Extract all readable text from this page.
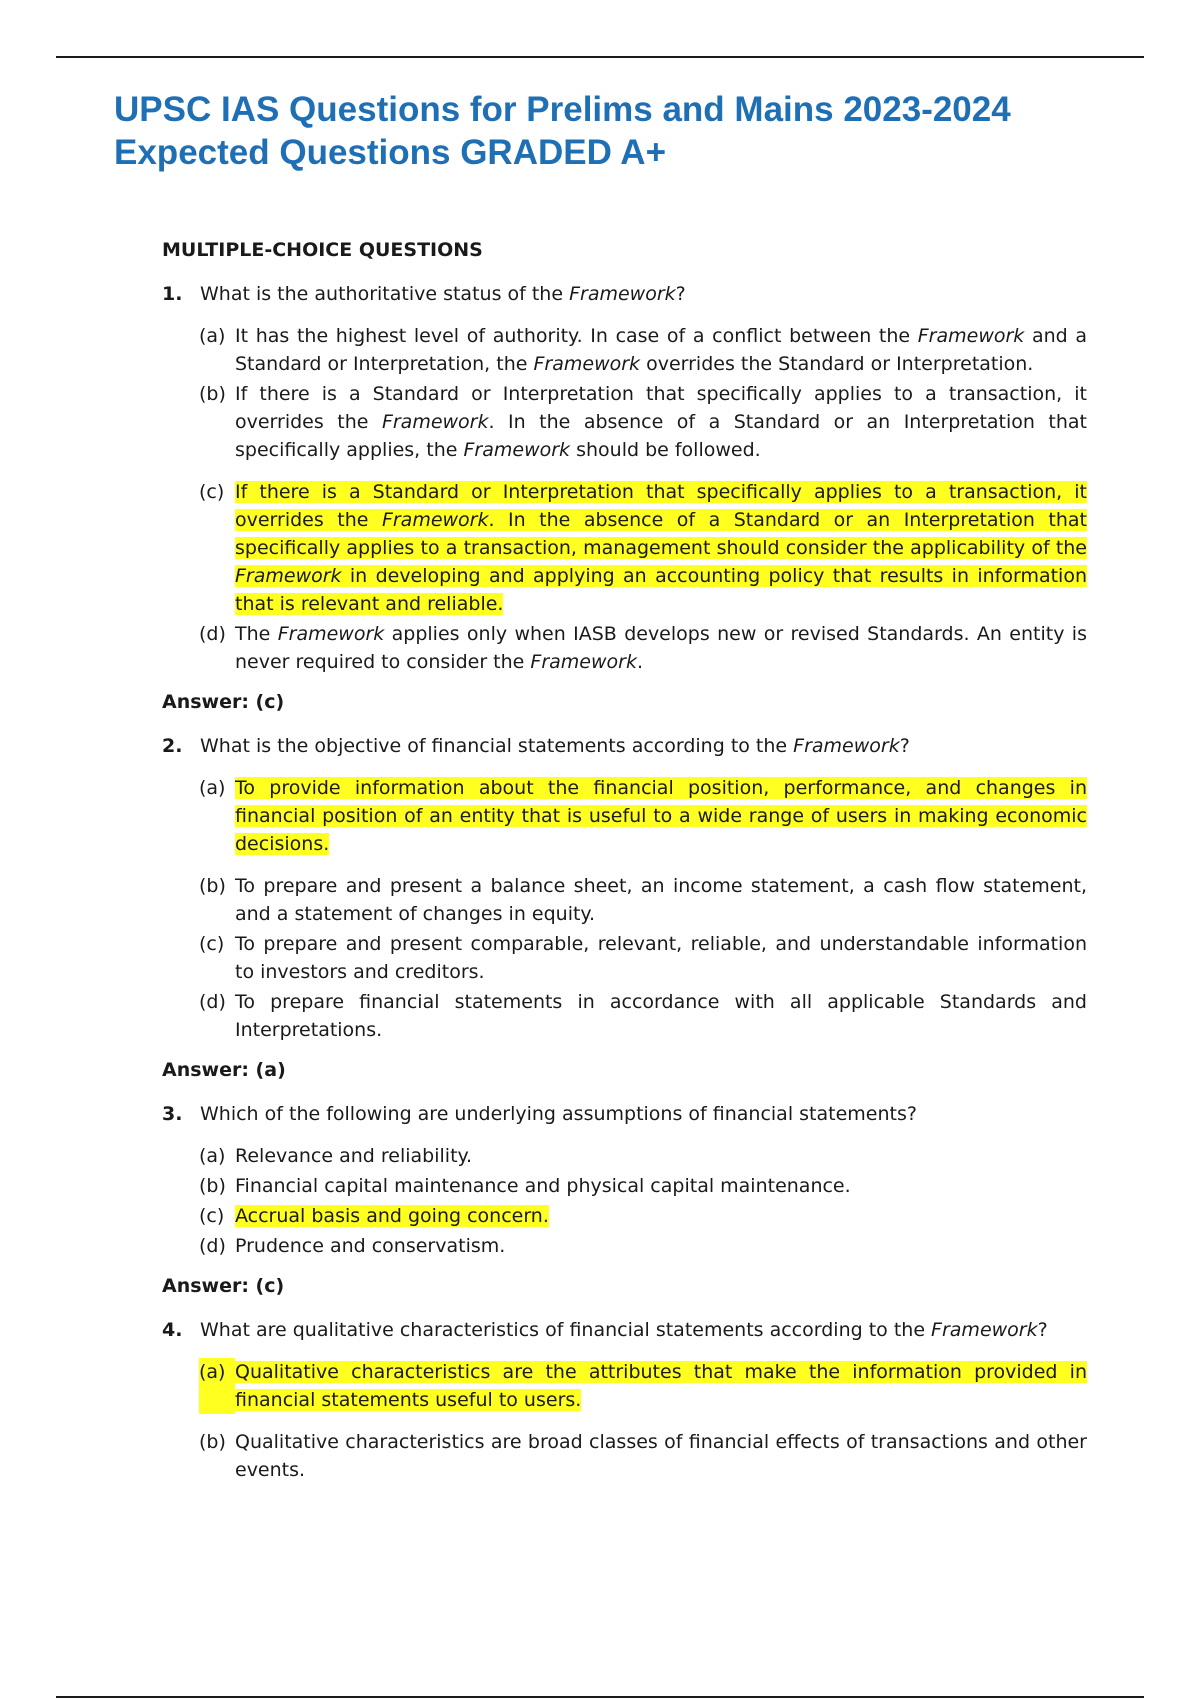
UPSC IAS Questions for Prelims and Mains 2023-2024
Expected Questions GRADED A+
MULTIPLE-CHOICE QUESTIONS
1. What is the authoritative status of the Framework?
(a) It has the highest level of authority. In case of a conflict between the Framework and a Standard or Interpretation, the Framework overrides the Standard or Interpretation.
(b) If there is a Standard or Interpretation that specifically applies to a transaction, it overrides the Framework. In the absence of a Standard or an Interpretation that specifically applies, the Framework should be followed.
(c) If there is a Standard or Interpretation that specifically applies to a transaction, it overrides the Framework. In the absence of a Standard or an Interpretation that specifically applies to a transaction, management should consider the applicability of the Framework in developing and applying an accounting policy that results in information that is relevant and reliable.
(d) The Framework applies only when IASB develops new or revised Standards. An entity is never required to consider the Framework.
Answer: (c)
2. What is the objective of financial statements according to the Framework?
(a) To provide information about the financial position, performance, and changes in financial position of an entity that is useful to a wide range of users in making economic decisions.
(b) To prepare and present a balance sheet, an income statement, a cash flow statement, and a statement of changes in equity.
(c) To prepare and present comparable, relevant, reliable, and understandable information to investors and creditors.
(d) To prepare financial statements in accordance with all applicable Standards and Interpretations.
Answer: (a)
3. Which of the following are underlying assumptions of financial statements?
(a) Relevance and reliability.
(b) Financial capital maintenance and physical capital maintenance.
(c) Accrual basis and going concern.
(d) Prudence and conservatism.
Answer: (c)
4. What are qualitative characteristics of financial statements according to the Framework?
(a) Qualitative characteristics are the attributes that make the information provided in financial statements useful to users.
(b) Qualitative characteristics are broad classes of financial effects of transactions and other events.
